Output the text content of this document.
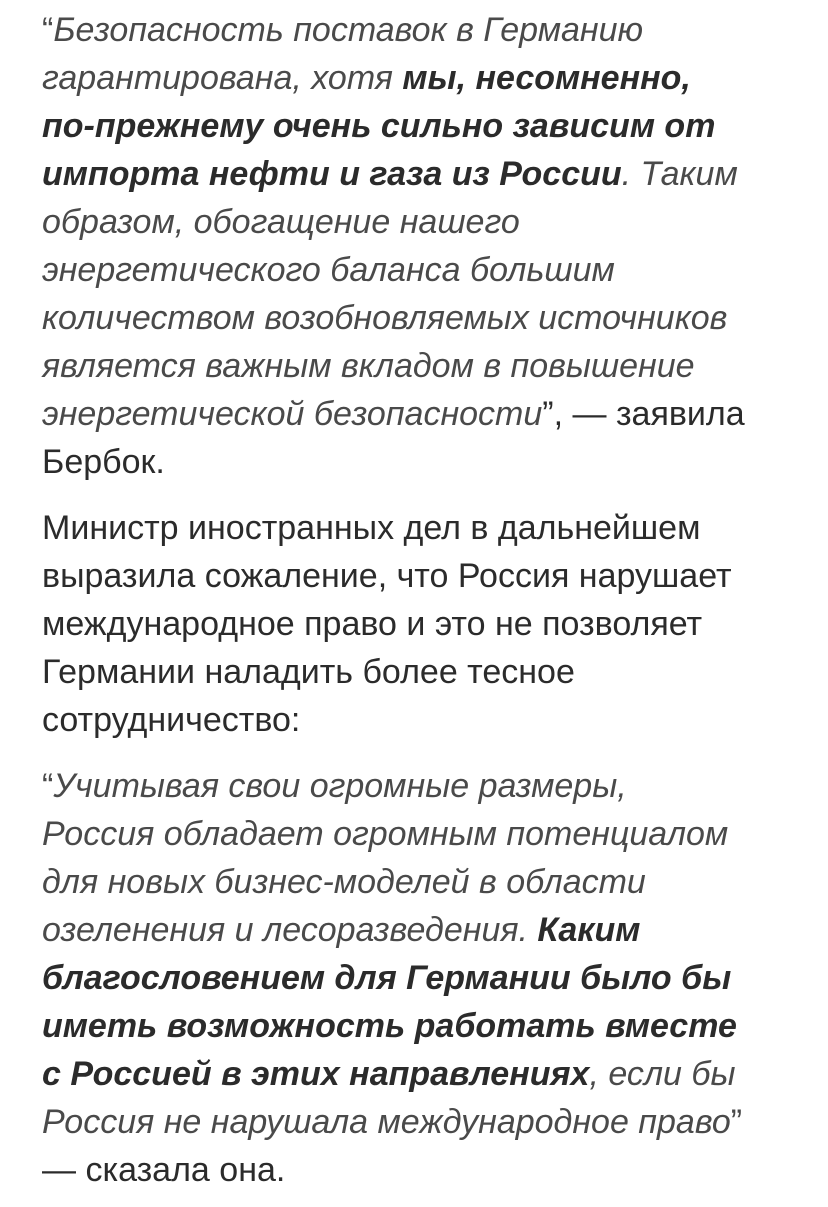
“Безопасность поставок в Германию
гарантирована, хотя мы, несомненно,
по-прежнему очень сильно зависим от
импорта нефти и газа из России. Таким
образом, обогащение нашего
энергетического баланса большим
количеством возобновляемых источников
является важным вкладом в повышение
энергетической безопасности”, — заявила
Бербок.

Министр иностранных дел в дальнейшем
выразила сожаление, что Россия нарушает
международное право и это не позволяет
Германии наладить более тесное
сотрудничество:

“Учитывая свои огромные размеры,
Россия обладает огромным потенциалом
для новых бизнес-моделей в области
озеленения и лесоразведения. Каким
благословением для Германии было бы
иметь возможность работать вместе
с Россией в этих направлениях, если бы
Россия не нарушала международное право”
— сказала она.
